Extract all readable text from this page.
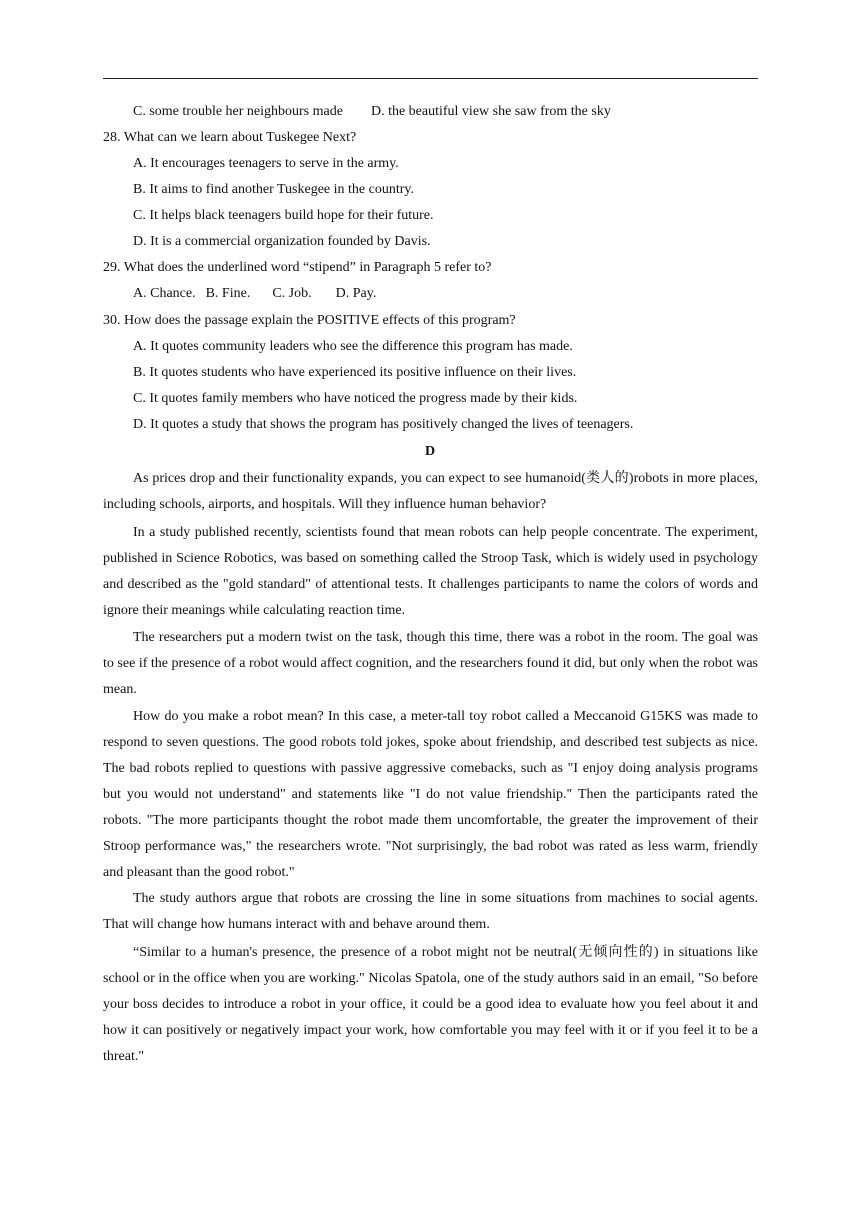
C. some trouble her neighbours made D. the beautiful view she saw from the sky
28. What can we learn about Tuskegee Next?
A. It encourages teenagers to serve in the army.
B. It aims to find another Tuskegee in the country.
C. It helps black teenagers build hope for their future.
D. It is a commercial organization founded by Davis.
29. What does the underlined word “stipend” in Paragraph 5 refer to?
A. Chance. B. Fine. C. Job. D. Pay.
30. How does the passage explain the POSITIVE effects of this program?
A. It quotes community leaders who see the difference this program has made.
B. It quotes students who have experienced its positive influence on their lives.
C. It quotes family members who have noticed the progress made by their kids.
D. It quotes a study that shows the program has positively changed the lives of teenagers.
D
As prices drop and their functionality expands, you can expect to see humanoid(类人的)robots in more places, including schools, airports, and hospitals. Will they influence human behavior?
In a study published recently, scientists found that mean robots can help people concentrate. The experiment, published in Science Robotics, was based on something called the Stroop Task, which is widely used in psychology and described as the "gold standard" of attentional tests. It challenges participants to name the colors of words and ignore their meanings while calculating reaction time.
The researchers put a modern twist on the task, though this time, there was a robot in the room. The goal was to see if the presence of a robot would affect cognition, and the researchers found it did, but only when the robot was mean.
How do you make a robot mean? In this case, a meter-tall toy robot called a Meccanoid G15KS was made to respond to seven questions. The good robots told jokes, spoke about friendship, and described test subjects as nice. The bad robots replied to questions with passive aggressive comebacks, such as "I enjoy doing analysis programs but you would not understand" and statements like "I do not value friendship." Then the participants rated the robots. "The more participants thought the robot made them uncomfortable, the greater the improvement of their Stroop performance was," the researchers wrote. "Not surprisingly, the bad robot was rated as less warm, friendly and pleasant than the good robot."
The study authors argue that robots are crossing the line in some situations from machines to social agents. That will change how humans interact with and behave around them.
“Similar to a human's presence, the presence of a robot might not be neutral(无倾向性的) in situations like school or in the office when you are working." Nicolas Spatola, one of the study authors said in an email, "So before your boss decides to introduce a robot in your office, it could be a good idea to evaluate how you feel about it and how it can positively or negatively impact your work, how comfortable you may feel with it or if you feel it to be a threat."
